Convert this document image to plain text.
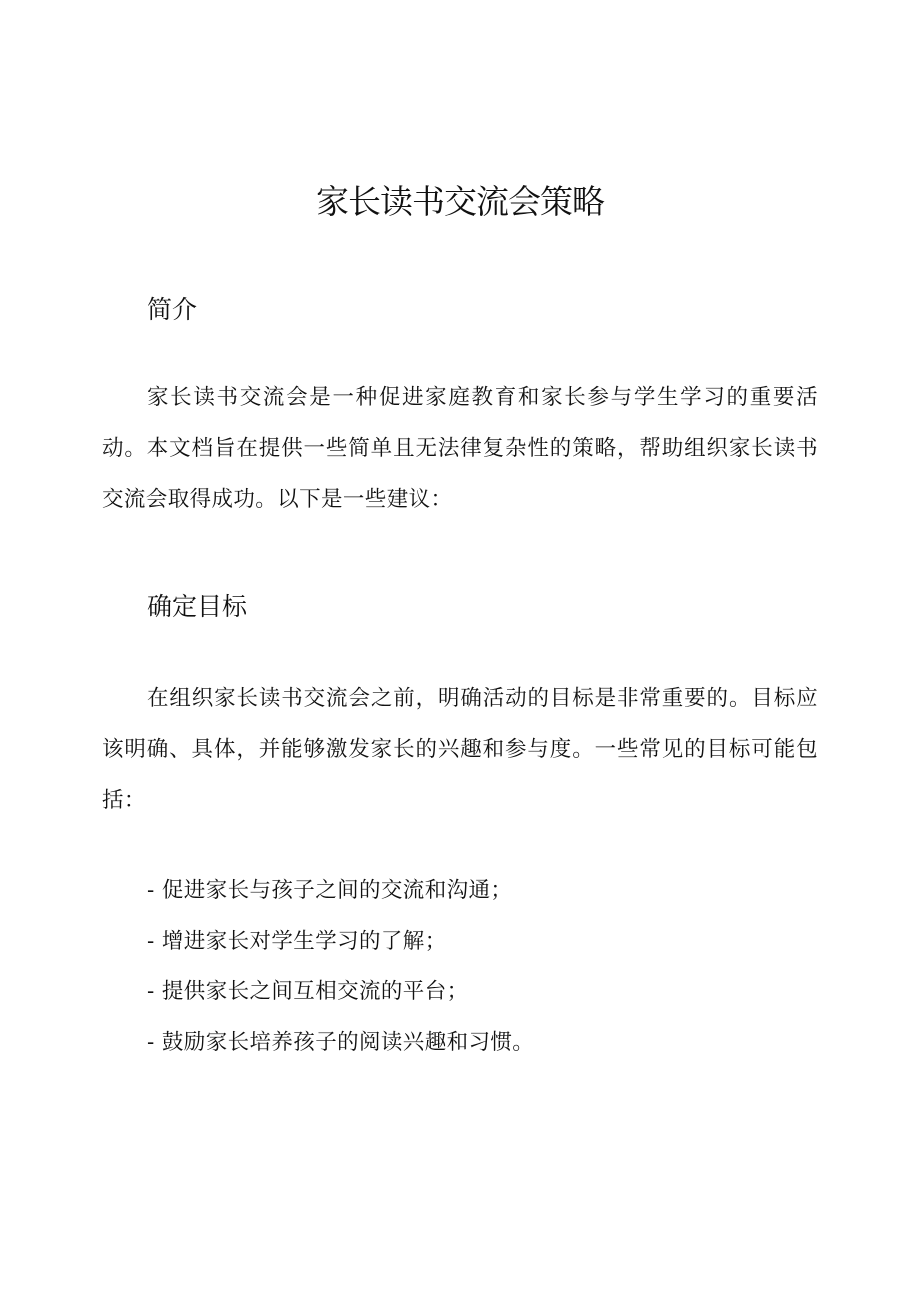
家长读书交流会策略
简介

家长读书交流会是一种促进家庭教育和家长参与学生学习的重要活动。本文档旨在提供一些简单且无法律复杂性的策略，帮助组织家长读书交流会取得成功。以下是一些建议：

确定目标

在组织家长读书交流会之前，明确活动的目标是非常重要的。目标应该明确、具体，并能够激发家长的兴趣和参与度。一些常见的目标可能包括：

- 促进家长与孩子之间的交流和沟通；
- 增进家长对学生学习的了解；
- 提供家长之间互相交流的平台；
- 鼓励家长培养孩子的阅读兴趣和习惯。
